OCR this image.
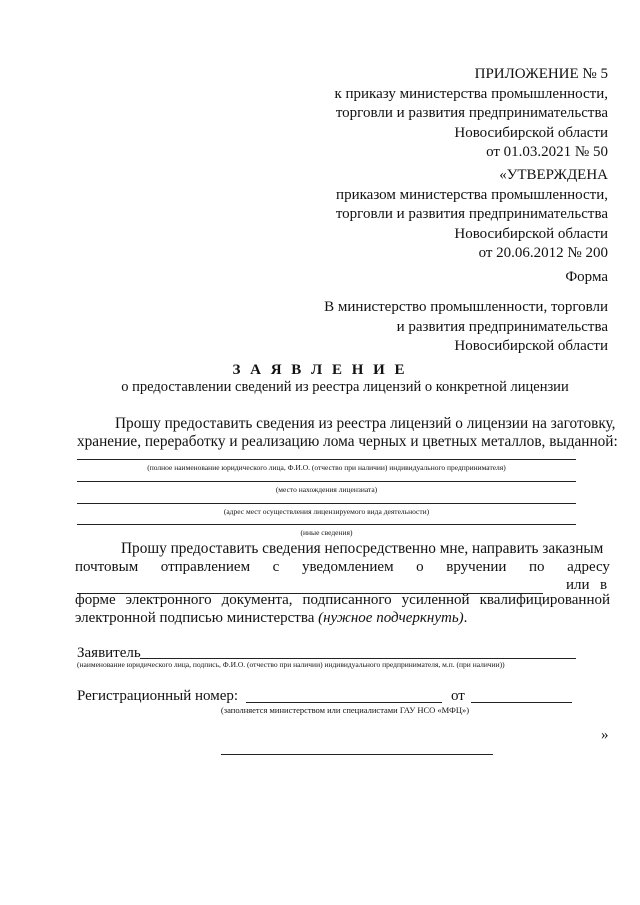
ПРИЛОЖЕНИЕ № 5
к приказу министерства промышленности,
торговли и развития предпринимательства
Новосибирской области
от 01.03.2021 № 50
«УТВЕРЖДЕНА
приказом министерства промышленности,
торговли и развития предпринимательства
Новосибирской области
от 20.06.2012 № 200
Форма
В министерство промышленности, торговли
и развития предпринимательства
Новосибирской области
З А Я В Л Е Н И Е
о предоставлении сведений из реестра лицензий о конкретной лицензии
Прошу предоставить сведения из реестра лицензий о лицензии на заготовку,
хранение, переработку и реализацию лома черных и цветных металлов, выданной:
(полное наименование юридического лица, Ф.И.О. (отчество при наличии) индивидуального предпринимателя)
(место нахождения лицензиата)
(адрес мест осуществления лицензируемого вида деятельности)
(иные сведения)
Прошу предоставить сведения непосредственно мне, направить заказным
почтовым отправлением с уведомлением о вручении по адресу
или в
форме электронного документа, подписанного усиленной квалифицированной
электронной подписью министерства (нужное подчеркнуть).
Заявитель
(наименование юридического лица, подпись, Ф.И.О. (отчество при наличии) индивидуального предпринимателя, м.п. (при наличии))
Регистрационный номер:	от
(заполняется министерством или специалистами ГАУ НСО «МФЦ»)
»
